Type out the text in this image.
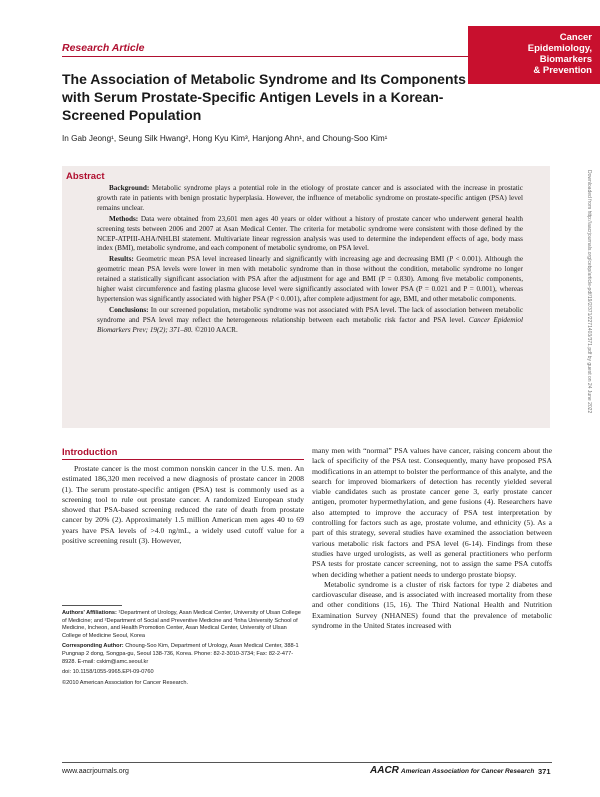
Cancer
Epidemiology,
Biomarkers
& Prevention
Research Article
The Association of Metabolic Syndrome and Its Components with Serum Prostate-Specific Antigen Levels in a Korean-Screened Population
In Gab Jeong¹, Seung Silk Hwang², Hong Kyu Kim³, Hanjong Ahn¹, and Choung-Soo Kim¹
Abstract

Background: Metabolic syndrome plays a potential role in the etiology of prostate cancer and is associated with the increase in prostatic growth rate in patients with benign prostatic hyperplasia. However, the influence of metabolic syndrome on prostate-specific antigen (PSA) level remains unclear.

Methods: Data were obtained from 23,601 men ages 40 years or older without a history of prostate cancer who underwent general health screening tests between 2006 and 2007 at Asan Medical Center. The criteria for metabolic syndrome were consistent with those defined by the NCEP-ATPIII-AHA/NHLBI statement. Multivariate linear regression analysis was used to determine the independent effects of age, body mass index (BMI), metabolic syndrome, and each component of metabolic syndrome, on PSA level.

Results: Geometric mean PSA level increased linearly and significantly with increasing age and decreasing BMI (P < 0.001). Although the geometric mean PSA levels were lower in men with metabolic syndrome than in those without the condition, metabolic syndrome no longer retained a statistically significant association with PSA after the adjustment for age and BMI (P = 0.830). Among five metabolic components, higher waist circumference and fasting plasma glucose level were significantly associated with lower PSA (P = 0.021 and P = 0.001), whereas hypertension was significantly associated with higher PSA (P < 0.001), after complete adjustment for age, BMI, and other metabolic components.

Conclusions: In our screened population, metabolic syndrome was not associated with PSA level. The lack of association between metabolic syndrome and PSA level may reflect the heterogeneous relationship between each metabolic risk factor and PSA level. Cancer Epidemiol Biomarkers Prev; 19(2); 371–80. ©2010 AACR.	Downloaded from http://aacrjournals.org/cebp/article-pdf/19/2/371/2271403/371.pdf by guest on 24 June 2022
Introduction

Prostate cancer is the most common nonskin cancer in the U.S. men. An estimated 186,320 men received a new diagnosis of prostate cancer in 2008 (1). The serum prostate-specific antigen (PSA) test is commonly used as a screening tool to rule out prostate cancer. A randomized European study showed that PSA-based screening reduced the rate of death from prostate cancer by 20% (2). Approximately 1.5 million American men ages 40 to 69 years have PSA levels of >4.0 ng/mL, a widely used cutoff value for a positive screening result (3). However,

many men with “normal” PSA values have cancer, raising concern about the lack of specificity of the PSA test. Consequently, many have proposed PSA modifications in an attempt to bolster the performance of this analyte, and the search for improved biomarkers of detection has recently yielded several viable candidates such as prostate cancer gene 3, early prostate cancer antigen, promoter hypermethylation, and gene fusions (4). Researchers have also attempted to improve the accuracy of PSA test interpretation by controlling for factors such as age, prostate volume, and ethnicity (5). As a part of this strategy, several studies have examined the association between various metabolic risk factors and PSA level (6-14). Findings from these studies have urged urologists, as well as general practitioners who perform PSA tests for prostate cancer screening, not to assign the same PSA cutoffs when deciding whether a patient needs to undergo prostate biopsy.

Metabolic syndrome is a cluster of risk factors for type 2 diabetes and cardiovascular disease, and is associated with increased mortality from these and other conditions (15, 16). The Third National Health and Nutrition Examination Survey (NHANES) found that the prevalence of metabolic syndrome in the United States increased with

Authors' Affiliations: ¹Department of Urology, Asan Medical Center, University of Ulsan College of Medicine; and ²Department of Social and Preventive Medicine and ³Inha University School of Medicine, Incheon, and Health Promotion Center, Asan Medical Center, University of Ulsan College of Medicine Seoul, Korea

Corresponding Author: Choung-Soo Kim, Department of Urology, Asan Medical Center, 388-1 Pungnap 2 dong, Songpa-gu, Seoul 138-736, Korea. Phone: 82-2-3010-3734; Fax: 82-2-477-8928. E-mail: cskim@amc.seoul.kr

doi: 10.1158/1055-9965.EPI-09-0760

©2010 American Association for Cancer Research.

www.aacrjournals.org	AACR American Association for Cancer Research 371
